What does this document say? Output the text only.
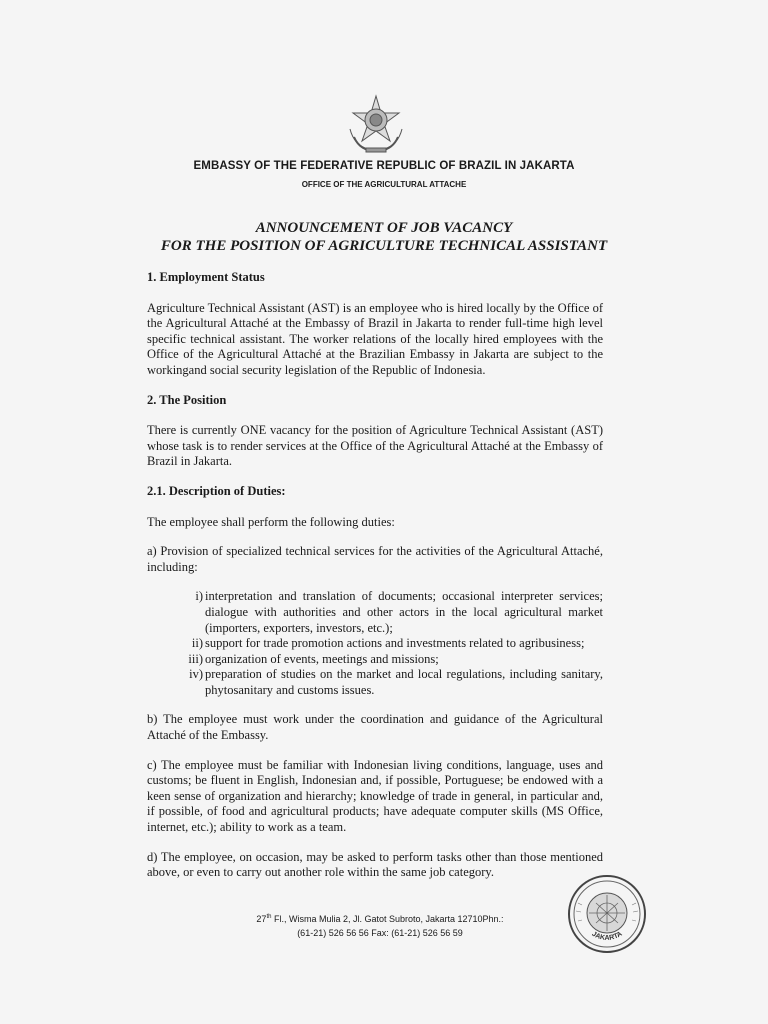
EMBASSY OF THE FEDERATIVE REPUBLIC OF BRAZIL IN JAKARTA
OFFICE OF THE AGRICULTURAL ATTACHE
ANNOUNCEMENT OF JOB VACANCY
FOR THE POSITION OF AGRICULTURE TECHNICAL ASSISTANT

1. Employment Status

Agriculture Technical Assistant (AST) is an employee who is hired locally by the Office of the Agricultural Attaché at the Embassy of Brazil in Jakarta to render full-time high level specific technical assistant. The worker relations of the locally hired employees with the Office of the Agricultural Attaché at the Brazilian Embassy in Jakarta are subject to the workingand social security legislation of the Republic of Indonesia.

2. The Position

There is currently ONE vacancy for the position of Agriculture Technical Assistant (AST) whose task is to render services at the Office of the Agricultural Attaché at the Embassy of Brazil in Jakarta.

2.1. Description of Duties:

The employee shall perform the following duties:

a) Provision of specialized technical services for the activities of the Agricultural Attaché, including:

i) interpretation and translation of documents; occasional interpreter services; dialogue with authorities and other actors in the local agricultural market (importers, exporters, investors, etc.);
ii) support for trade promotion actions and investments related to agribusiness;
iii) organization of events, meetings and missions;
iv) preparation of studies on the market and local regulations, including sanitary, phytosanitary and customs issues.

b) The employee must work under the coordination and guidance of the Agricultural Attaché of the Embassy.

c) The employee must be familiar with Indonesian living conditions, language, uses and customs; be fluent in English, Indonesian and, if possible, Portuguese; be endowed with a keen sense of organization and hierarchy; knowledge of trade in general, in particular and, if possible, of food and agricultural products; have adequate computer skills (MS Office, internet, etc.); ability to work as a team.

d) The employee, on occasion, may be asked to perform tasks other than those mentioned above, or even to carry out another role within the same job category.

27th Fl., Wisma Mulia 2, Jl. Gatot Subroto, Jakarta 12710Phn.:
(61-21) 526 56 56 Fax: (61-21) 526 56 59	JAKARTA
